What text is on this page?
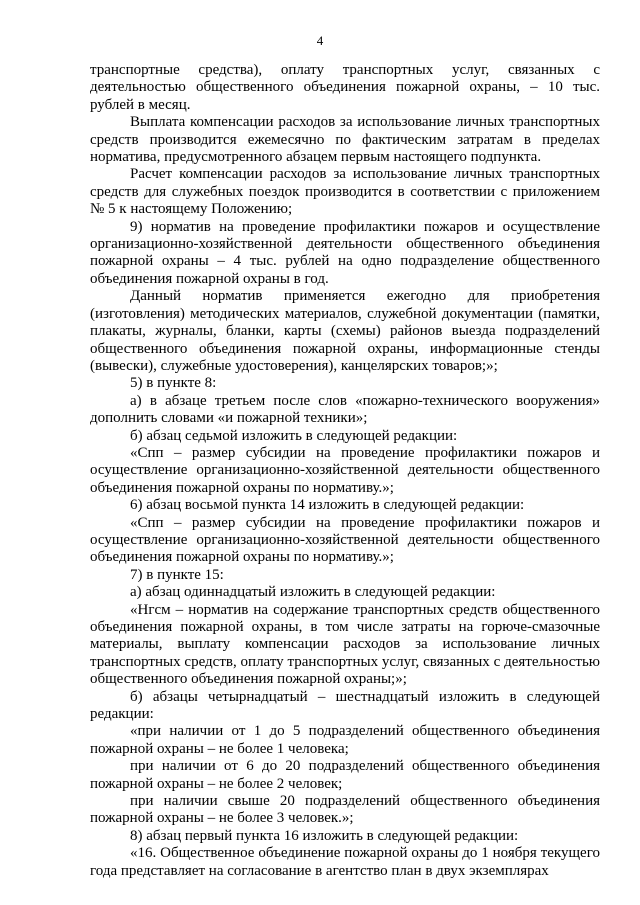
4

транспортные средства), оплату транспортных услуг, связанных с деятельностью общественного объединения пожарной охраны, – 10 тыс. рублей в месяц.

Выплата компенсации расходов за использование личных транспортных средств производится ежемесячно по фактическим затратам в пределах норматива, предусмотренного абзацем первым настоящего подпункта.

Расчет компенсации расходов за использование личных транспортных средств для служебных поездок производится в соответствии с приложением № 5 к настоящему Положению;

9) норматив на проведение профилактики пожаров и осуществление организационно-хозяйственной деятельности общественного объединения пожарной охраны – 4 тыс. рублей на одно подразделение общественного объединения пожарной охраны в год.

Данный норматив применяется ежегодно для приобретения (изготовления) методических материалов, служебной документации (памятки, плакаты, журналы, бланки, карты (схемы) районов выезда подразделений общественного объединения пожарной охраны, информационные стенды (вывески), служебные удостоверения), канцелярских товаров;»;

5) в пункте 8:

а) в абзаце третьем после слов «пожарно-технического вооружения» дополнить словами «и пожарной техники»;

б) абзац седьмой изложить в следующей редакции:

«Спп – размер субсидии на проведение профилактики пожаров и осуществление организационно-хозяйственной деятельности общественного объединения пожарной охраны по нормативу.»;

6) абзац восьмой пункта 14 изложить в следующей редакции:

«Спп – размер субсидии на проведение профилактики пожаров и осуществление организационно-хозяйственной деятельности общественного объединения пожарной охраны по нормативу.»;

7) в пункте 15:

а) абзац одиннадцатый изложить в следующей редакции:

«Нгсм – норматив на содержание транспортных средств общественного объединения пожарной охраны, в том числе затраты на горюче-смазочные материалы, выплату компенсации расходов за использование личных транспортных средств, оплату транспортных услуг, связанных с деятельностью общественного объединения пожарной охраны;»;

б) абзацы четырнадцатый – шестнадцатый изложить в следующей редакции:

«при наличии от 1 до 5 подразделений общественного объединения пожарной охраны – не более 1 человека;

при наличии от 6 до 20 подразделений общественного объединения пожарной охраны – не более 2 человек;

при наличии свыше 20 подразделений общественного объединения пожарной охраны – не более 3 человек.»;

8) абзац первый пункта 16 изложить в следующей редакции:

«16. Общественное объединение пожарной охраны до 1 ноября текущего года представляет на согласование в агентство план в двух экземплярах
